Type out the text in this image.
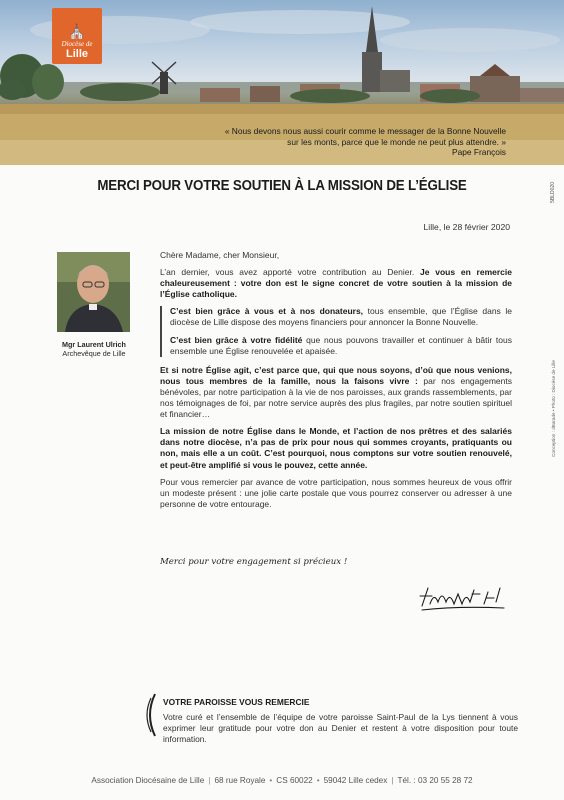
⛪
Diocèse de
Lille
« Nous devons nous aussi courir comme le messager de la Bonne Nouvelle
sur les monts, parce que le monde ne peut plus attendre. »
Pape François
MERCI POUR VOTRE SOUTIEN À LA MISSION DE L’ÉGLISE	5BLD020
Lille, le 28 février 2020
Mgr Laurent Ulrich
Archevêque de Lille

Chère Madame, cher Monsieur,

L’an dernier, vous avez apporté votre contribution au Denier. Je vous en remercie chaleureusement : votre don est le signe concret de votre soutien à la mission de l’Église catholique.

C’est bien grâce à vous et à nos donateurs, tous ensemble, que l’Église dans le diocèse de Lille dispose des moyens financiers pour annoncer la Bonne Nouvelle.

C’est bien grâce à votre fidélité que nous pouvons travailler et continuer à bâtir tous ensemble une Église renouvelée et apaisée.

Et si notre Église agit, c’est parce que, qui que nous soyons, d’où que nous venions, nous tous membres de la famille, nous la faisons vivre : par nos engagements bénévoles, par notre participation à la vie de nos paroisses, aux grands rassemblements, par nos témoignages de foi, par notre service auprès des plus fragiles, par notre soutien spirituel et financier…

La mission de notre Église dans le Monde, et l’action de nos prêtres et des salariés dans notre diocèse, n’a pas de prix pour nous qui sommes croyants, pratiquants ou non, mais elle a un coût. C’est pourquoi, nous comptons sur votre soutien renouvelé, et peut-être amplifié si vous le pouvez, cette année.

Pour vous remercier par avance de votre participation, nous sommes heureux de vous offrir un modeste présent : une jolie carte postale que vous pourrez conserver ou adresser à une personne de votre entourage.

Merci pour votre engagement si précieux !
Conception : dBarade • Photo : Diocèse de Lille
VOTRE PAROISSE VOUS REMERCIE
Votre curé et l’ensemble de l’équipe de votre paroisse Saint-Paul de la Lys tiennent à vous exprimer leur gratitude pour votre don au Denier et restent à votre disposition pour toute information.
Association Diocésaine de Lille | 68 rue Royale • CS 60022 • 59042 Lille cedex | Tél. : 03 20 55 28 72
